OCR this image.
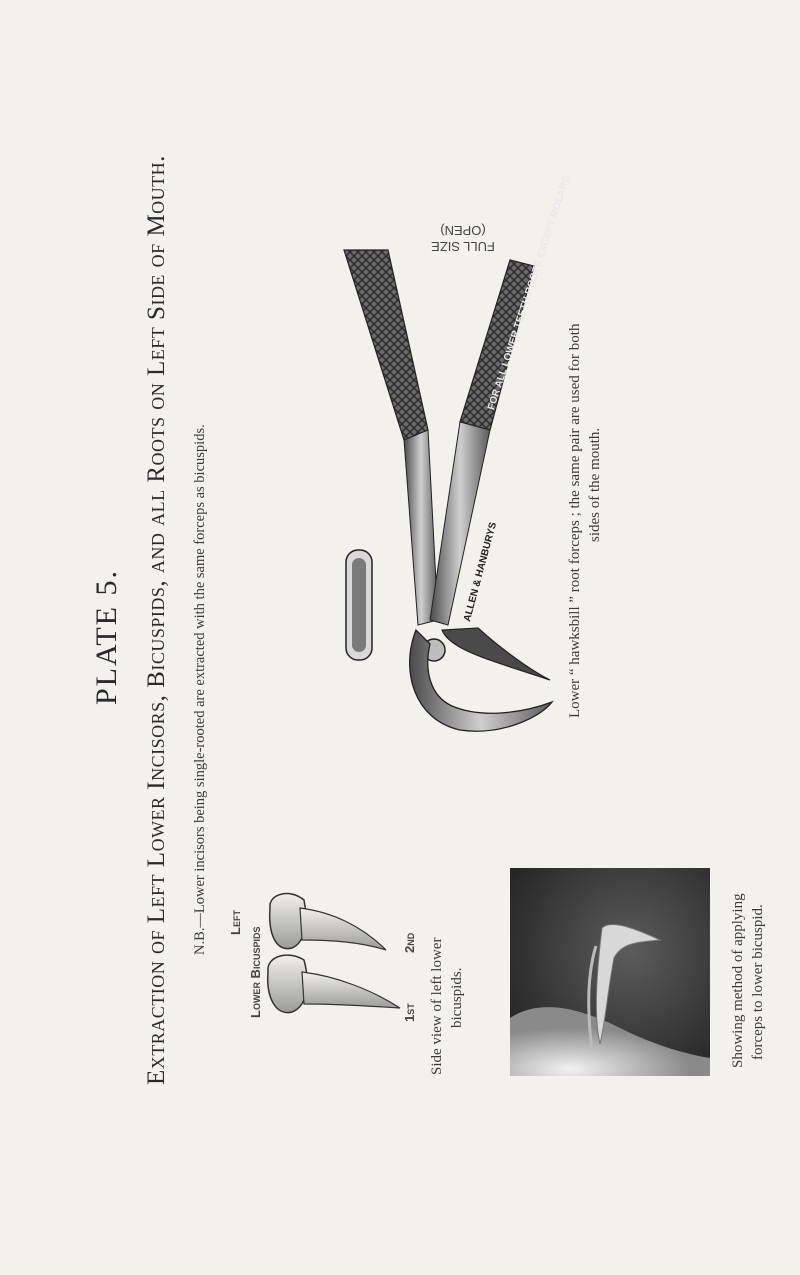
PLATE 5. Extraction of Left Lower Incisors, Bicuspids, and all Roots on Left Side of Mouth. N.B.—Lower incisors being single-rooted are extracted with the same forceps as bicuspids. Left
Lower Bicuspids	2nd
1st Side view of left lower bicuspids.
FOR ALL LOWER TEETH ROOTS EXCEPT MOLARS
ALLEN & HANBURYS
FULL SIZE (OPEN)
Lower “ hawksbill ” root forceps ; the same pair are used for both sides of the mouth.
Showing method of applying forceps to lower bicuspid.
